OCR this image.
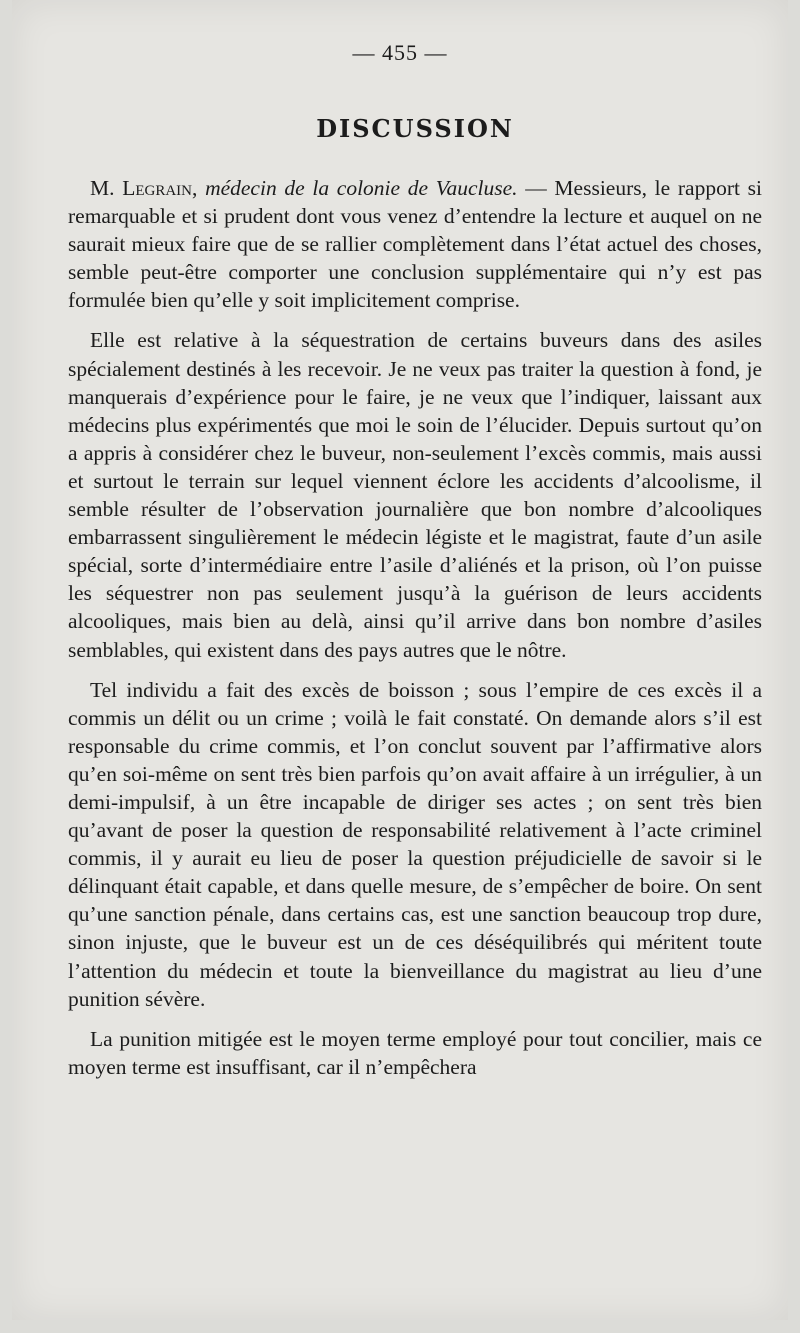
— 455 —
DISCUSSION

M. Legrain, médecin de la colonie de Vaucluse. — Messieurs, le rapport si remarquable et si prudent dont vous venez d’entendre la lecture et auquel on ne saurait mieux faire que de se rallier complètement dans l’état actuel des choses, semble peut-être comporter une conclusion supplémentaire qui n’y est pas formulée bien qu’elle y soit implicitement comprise.

Elle est relative à la séquestration de certains buveurs dans des asiles spécialement destinés à les recevoir. Je ne veux pas traiter la question à fond, je manquerais d’expérience pour le faire, je ne veux que l’indiquer, laissant aux médecins plus expérimentés que moi le soin de l’élucider. Depuis surtout qu’on a appris à considérer chez le buveur, non-seulement l’excès commis, mais aussi et surtout le terrain sur lequel viennent éclore les accidents d’alcoolisme, il semble résulter de l’observation journalière que bon nombre d’alcooliques embarrassent singulièrement le médecin légiste et le magistrat, faute d’un asile spécial, sorte d’intermédiaire entre l’asile d’aliénés et la prison, où l’on puisse les séquestrer non pas seulement jusqu’à la guérison de leurs accidents alcooliques, mais bien au delà, ainsi qu’il arrive dans bon nombre d’asiles semblables, qui existent dans des pays autres que le nôtre.

Tel individu a fait des excès de boisson ; sous l’empire de ces excès il a commis un délit ou un crime ; voilà le fait constaté. On demande alors s’il est responsable du crime commis, et l’on conclut souvent par l’affirmative alors qu’en soi-même on sent très bien parfois qu’on avait affaire à un irrégulier, à un demi-impulsif, à un être incapable de diriger ses actes ; on sent très bien qu’avant de poser la question de responsabilité relativement à l’acte criminel commis, il y aurait eu lieu de poser la question préjudicielle de savoir si le délinquant était capable, et dans quelle mesure, de s’empêcher de boire. On sent qu’une sanction pénale, dans certains cas, est une sanction beaucoup trop dure, sinon injuste, que le buveur est un de ces déséquilibrés qui méritent toute l’attention du médecin et toute la bienveillance du magistrat au lieu d’une punition sévère.

La punition mitigée est le moyen terme employé pour tout concilier, mais ce moyen terme est insuffisant, car il n’empêchera
